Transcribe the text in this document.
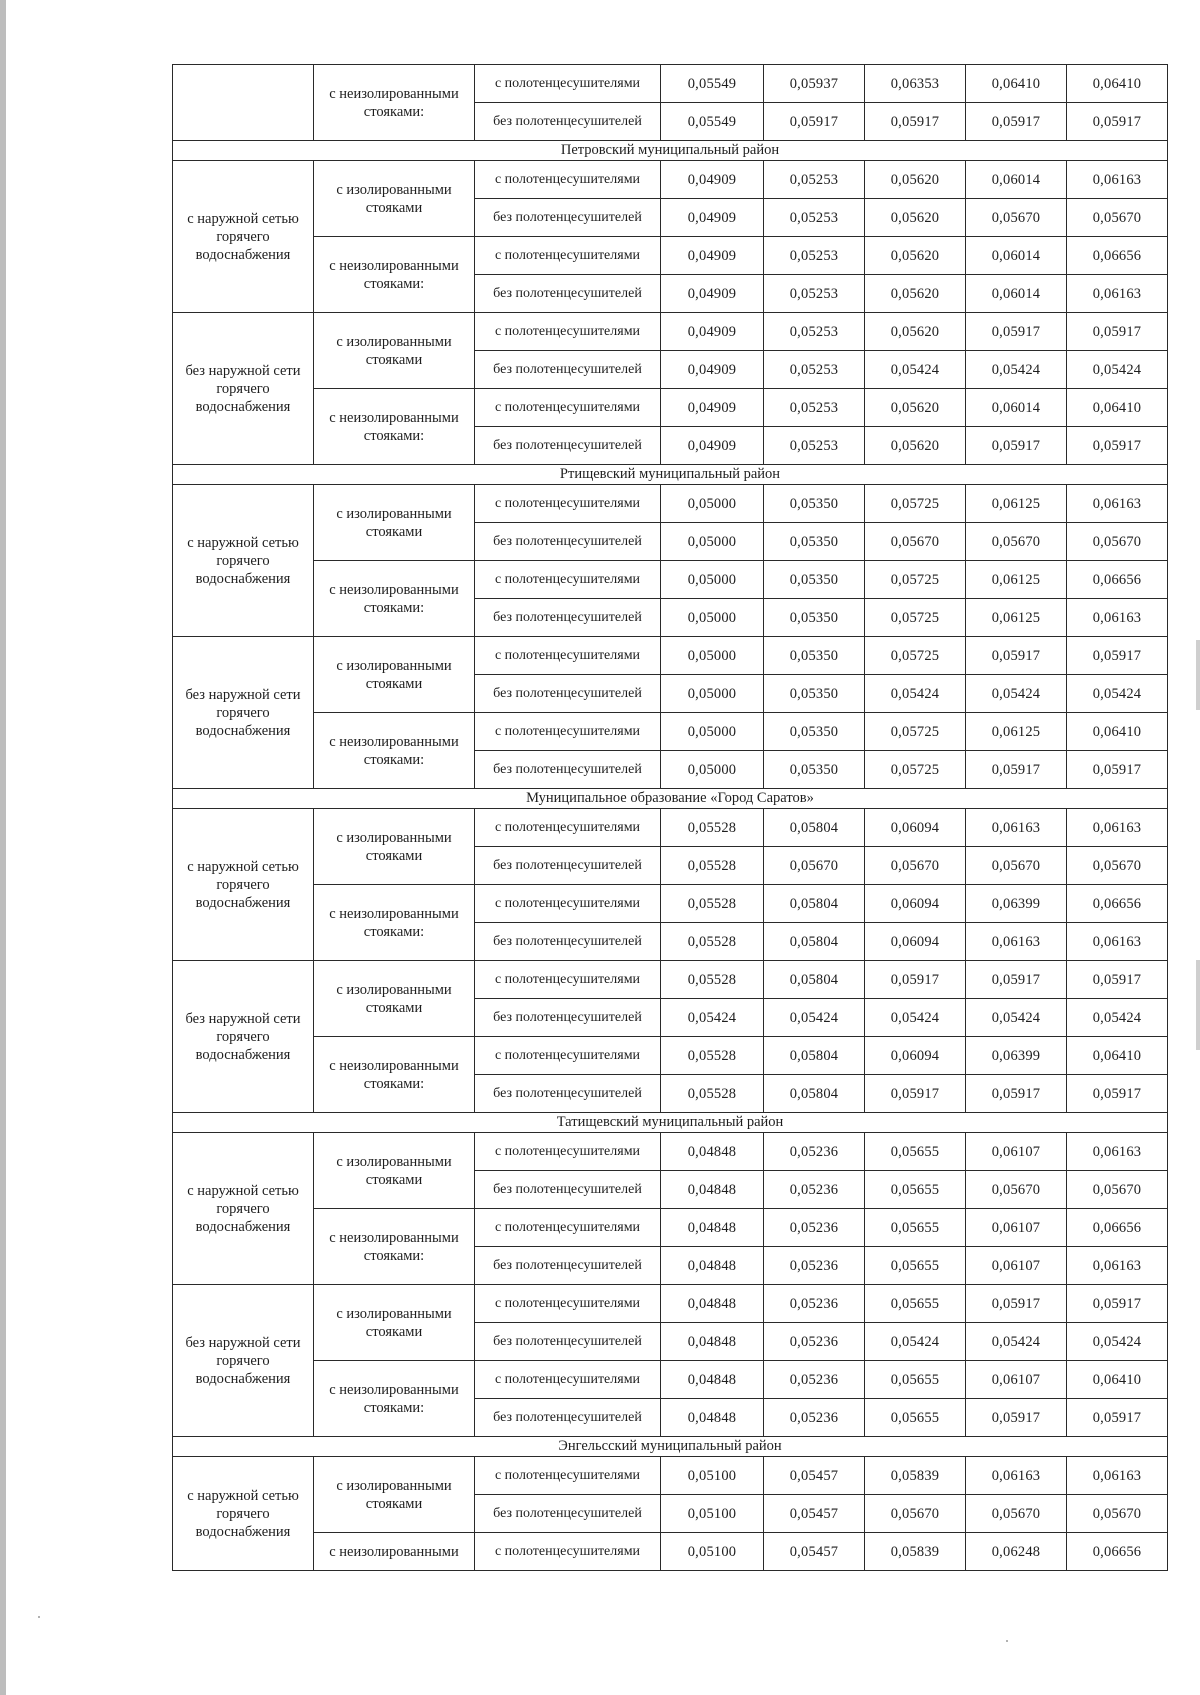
	с неизолированными стояками:	с полотенцесушителями	0,05549	0,05937	0,06353	0,06410	0,06410
		без полотенцесушителей	0,05549	0,05917	0,05917	0,05917	0,05917
Петровский муниципальный район							
с наружной сетью горячего водоснабжения	с изолированными стояками	с полотенцесушителями	0,04909	0,05253	0,05620	0,06014	0,06163
		без полотенцесушителей	0,04909	0,05253	0,05620	0,05670	0,05670
	с неизолированными стояками:	с полотенцесушителями	0,04909	0,05253	0,05620	0,06014	0,06656
		без полотенцесушителей	0,04909	0,05253	0,05620	0,06014	0,06163
без наружной сети горячего водоснабжения	с изолированными стояками	с полотенцесушителями	0,04909	0,05253	0,05620	0,05917	0,05917
		без полотенцесушителей	0,04909	0,05253	0,05424	0,05424	0,05424
	с неизолированными стояками:	с полотенцесушителями	0,04909	0,05253	0,05620	0,06014	0,06410
		без полотенцесушителей	0,04909	0,05253	0,05620	0,05917	0,05917
Ртищевский муниципальный район							
с наружной сетью горячего водоснабжения	с изолированными стояками	с полотенцесушителями	0,05000	0,05350	0,05725	0,06125	0,06163
		без полотенцесушителей	0,05000	0,05350	0,05670	0,05670	0,05670
	с неизолированными стояками:	с полотенцесушителями	0,05000	0,05350	0,05725	0,06125	0,06656
		без полотенцесушителей	0,05000	0,05350	0,05725	0,06125	0,06163
без наружной сети горячего водоснабжения	с изолированными стояками	с полотенцесушителями	0,05000	0,05350	0,05725	0,05917	0,05917
		без полотенцесушителей	0,05000	0,05350	0,05424	0,05424	0,05424
	с неизолированными стояками:	с полотенцесушителями	0,05000	0,05350	0,05725	0,06125	0,06410
		без полотенцесушителей	0,05000	0,05350	0,05725	0,05917	0,05917
Муниципальное образование «Город Саратов»							
с наружной сетью горячего водоснабжения	с изолированными стояками	с полотенцесушителями	0,05528	0,05804	0,06094	0,06163	0,06163
		без полотенцесушителей	0,05528	0,05670	0,05670	0,05670	0,05670
	с неизолированными стояками:	с полотенцесушителями	0,05528	0,05804	0,06094	0,06399	0,06656
		без полотенцесушителей	0,05528	0,05804	0,06094	0,06163	0,06163
без наружной сети горячего водоснабжения	с изолированными стояками	с полотенцесушителями	0,05528	0,05804	0,05917	0,05917	0,05917
		без полотенцесушителей	0,05424	0,05424	0,05424	0,05424	0,05424
	с неизолированными стояками:	с полотенцесушителями	0,05528	0,05804	0,06094	0,06399	0,06410
		без полотенцесушителей	0,05528	0,05804	0,05917	0,05917	0,05917
Татищевский муниципальный район							
с наружной сетью горячего водоснабжения	с изолированными стояками	с полотенцесушителями	0,04848	0,05236	0,05655	0,06107	0,06163
		без полотенцесушителей	0,04848	0,05236	0,05655	0,05670	0,05670
	с неизолированными стояками:	с полотенцесушителями	0,04848	0,05236	0,05655	0,06107	0,06656
		без полотенцесушителей	0,04848	0,05236	0,05655	0,06107	0,06163
без наружной сети горячего водоснабжения	с изолированными стояками	с полотенцесушителями	0,04848	0,05236	0,05655	0,05917	0,05917
		без полотенцесушителей	0,04848	0,05236	0,05424	0,05424	0,05424
	с неизолированными стояками:	с полотенцесушителями	0,04848	0,05236	0,05655	0,06107	0,06410
		без полотенцесушителей	0,04848	0,05236	0,05655	0,05917	0,05917
Энгельсский муниципальный район							
с наружной сетью горячего водоснабжения	с изолированными стояками	с полотенцесушителями	0,05100	0,05457	0,05839	0,06163	0,06163
		без полотенцесушителей	0,05100	0,05457	0,05670	0,05670	0,05670
	с неизолированными	с полотенцесушителями	0,05100	0,05457	0,05839	0,06248	0,06656
